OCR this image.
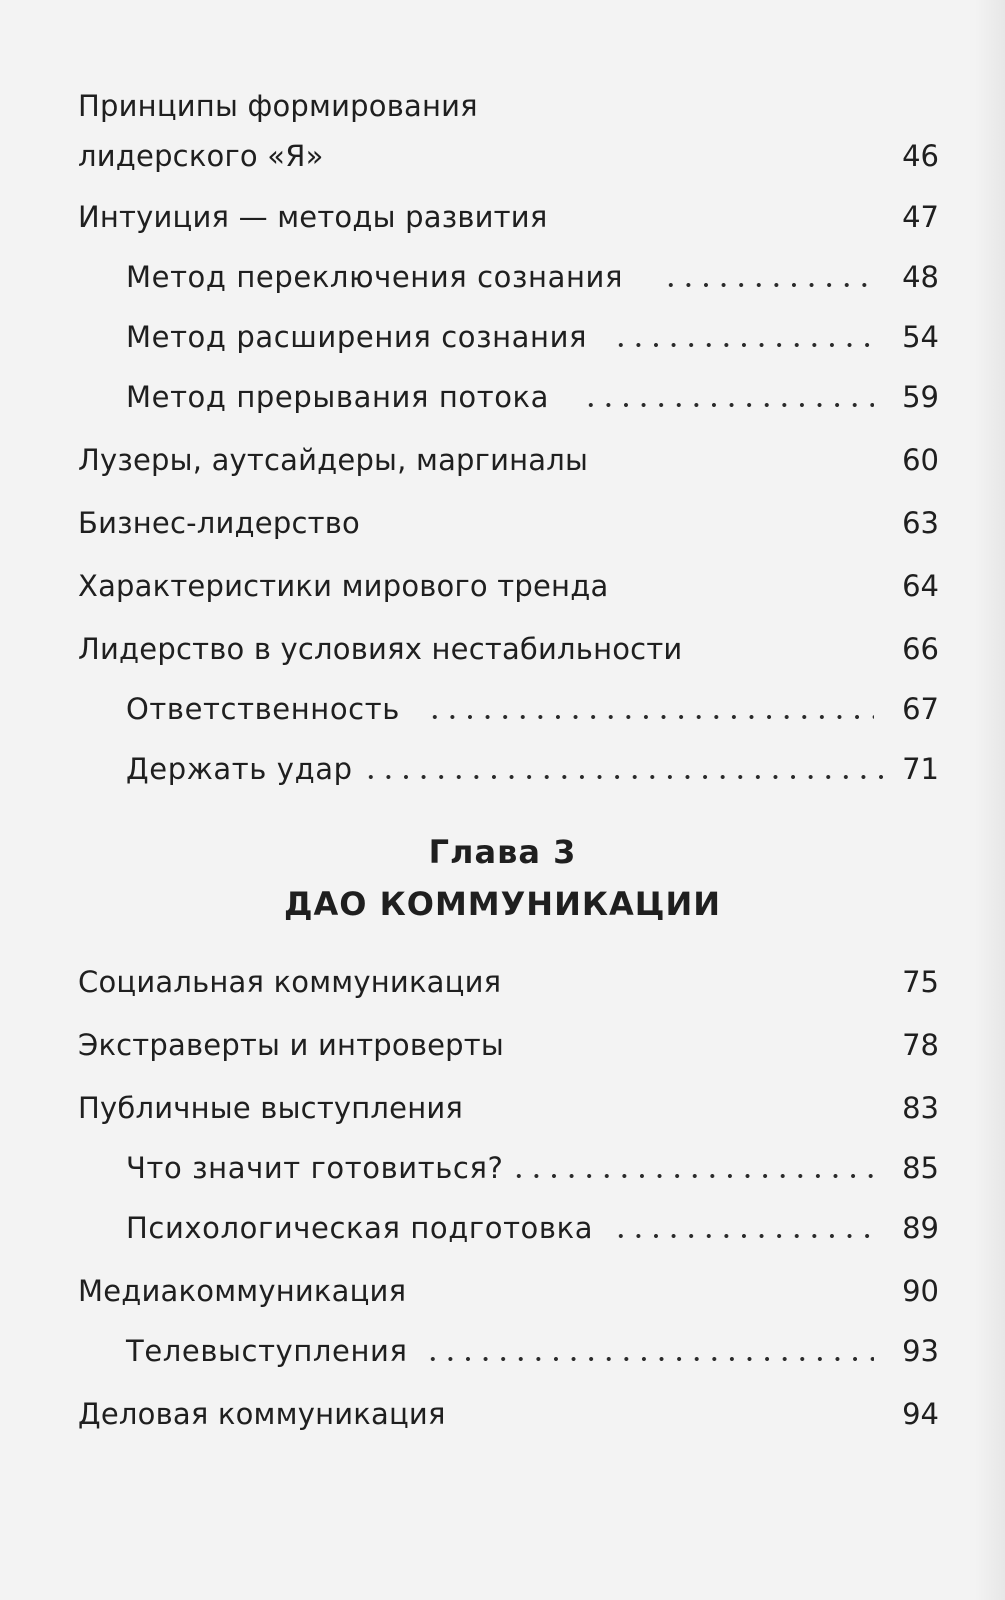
Принципы формирования
лидерского «Я»	46
Интуиция — методы развития	47
Метод переключения сознания	48
Метод расширения сознания	54
Метод прерывания потока	59
Лузеры, аутсайдеры, маргиналы	60
Бизнес-лидерство	63
Характеристики мирового тренда	64
Лидерство в условиях нестабильности	66
Ответственность	67
Держать удар	71
Глава 3
ДАО КОММУНИКАЦИИ
Социальная коммуникация	75
Экстраверты и интроверты	78
Публичные выступления	83
Что значит готовиться?	85
Психологическая подготовка	89
Медиакоммуникация	90
Телевыступления	93
Деловая коммуникация	94
